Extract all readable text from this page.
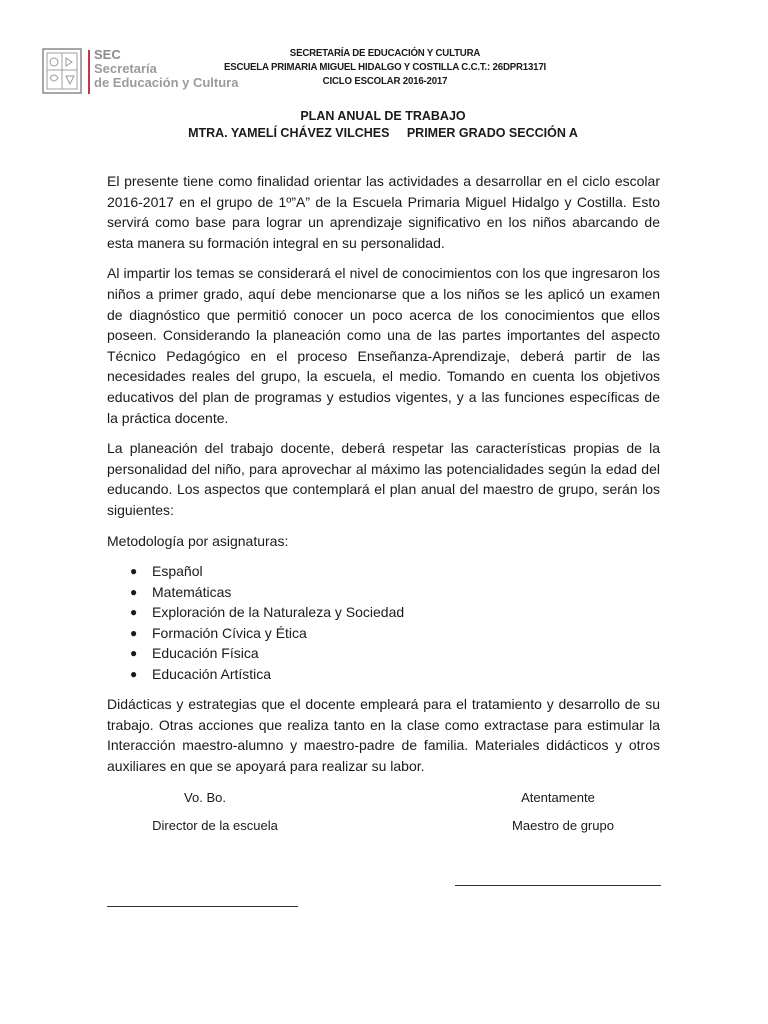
SEC
Secretaría
de Educación y Cultura
SECRETARÍA DE EDUCACIÓN Y CULTURA
ESCUELA PRIMARIA MIGUEL HIDALGO Y COSTILLA C.C.T.: 26DPR1317I
CICLO ESCOLAR 2016-2017
PLAN ANUAL DE TRABAJO
MTRA. YAMELÍ CHÁVEZ VILCHES     PRIMER GRADO SECCIÓN A

El presente tiene como finalidad orientar las actividades a desarrollar en el ciclo escolar 2016-2017 en el grupo de 1º”A” de la Escuela Primaria Miguel Hidalgo y Costilla. Esto servirá como base para lograr un aprendizaje significativo en los niños abarcando de esta manera su formación integral en su personalidad.

Al impartir los temas se considerará el nivel de conocimientos con los que ingresaron los niños a primer grado, aquí debe mencionarse que a los niños se les aplicó un examen de diagnóstico que permitió conocer un poco acerca de los conocimientos que ellos poseen. Considerando la planeación como una de las partes importantes del aspecto Técnico Pedagógico en el proceso Enseñanza-Aprendizaje, deberá partir de las necesidades reales del grupo, la escuela, el medio. Tomando en cuenta los objetivos educativos del plan de programas y estudios vigentes, y a las funciones específicas de la práctica docente.

La planeación del trabajo docente, deberá respetar las características propias de la personalidad del niño, para aprovechar al máximo las potencialidades según la edad del educando. Los aspectos que contemplará el plan anual del maestro de grupo, serán los siguientes:

Metodología por asignaturas:

● Español
● Matemáticas
● Exploración de la Naturaleza y Sociedad
● Formación Cívica y Ética
● Educación Física
● Educación Artística

Didácticas y estrategias que el docente empleará para el tratamiento y desarrollo de su trabajo. Otras acciones que realiza tanto en la clase como extractase para estimular la Interacción maestro-alumno y maestro-padre de familia. Materiales didácticos y otros auxiliares en que se apoyará para realizar su labor.

Vo. Bo.
Director de la escuela
Atentamente
Maestro de grupo
